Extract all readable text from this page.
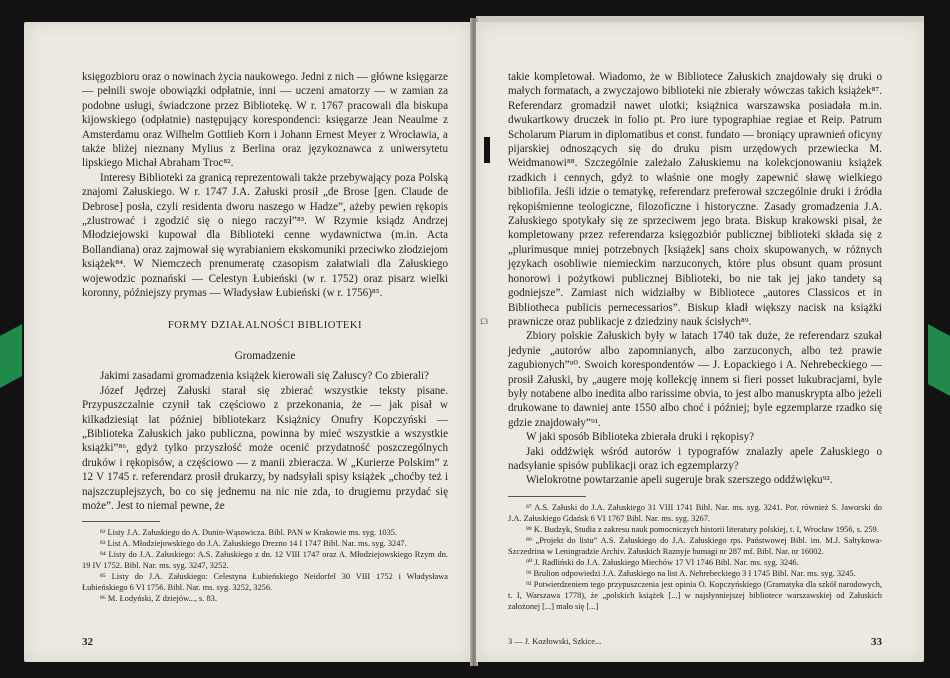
księgozbioru oraz o nowinach życia naukowego. Jedni z nich — główne księgarze — pełnili swoje obowiązki odpłatnie, inni — uczeni amatorzy — w zamian za podobne usługi, świadczone przez Bibliotekę. W r. 1767 pracowali dla biskupa kijowskiego (odpłatnie) następujący korespondenci: księgarze Jean Neaulme z Amsterdamu oraz Wilhelm Gottlieb Korn i Johann Ernest Meyer z Wrocławia, a także bliżej nieznany Mylius z Berlina oraz językoznawca z uniwersytetu lipskiego Michał Abraham Troc⁸².

Interesy Biblioteki za granicą reprezentowali także przebywający poza Polską znajomi Załuskiego. W r. 1747 J.A. Załuski prosił „de Brose [gen. Claude de Debrose] posła, czyli residenta dworu naszego w Hadze”, ażeby pewien rękopis „zlustrować i zgodzić się o niego raczył”⁸³. W Rzymie ksiądz Andrzej Młodziejowski kupował dla Biblioteki cenne wydawnictwa (m.in. Acta Bollandiana) oraz zajmował się wyrabianiem ekskomuniki przeciwko złodziejom książek⁸⁴. W Niemczech prenumeratę czasopism załatwiali dla Załuskiego wojewodzic poznański — Celestyn Łubieński (w r. 1752) oraz pisarz wielki koronny, późniejszy prymas — Władysław Łubieński (w r. 1756)⁸⁵.

FORMY DZIAŁALNOŚCI BIBLIOTEKI

Gromadzenie

Jakimi zasadami gromadzenia książek kierowali się Załuscy? Co zbierali?

Józef Jędrzej Załuski starał się zbierać wszystkie teksty pisane. Przypuszczalnie czynił tak częściowo z przekonania, że — jak pisał w kilkadziesiąt lat później bibliotekarz Książnicy Onufry Kopczyński — „Biblioteka Załuskich jako publiczna, powinna by mieć wszystkie a wszystkie książki”⁸⁶, gdyż tylko przyszłość może ocenić przydatność poszczególnych druków i rękopisów, a częściowo — z manii zbieracza. W „Kurierze Polskim” z 12 V 1745 r. referendarz prosił drukarzy, by nadsyłali spisy książek „choćby też i najszczuplejszych, bo co się jednemu na nic nie zda, to drugiemu przydać się może”. Jest to niemal pewne, że

⁸² Listy J.A. Załuskiego do A. Dunin-Wąsowicza. Bibl. PAN w Krakowie ms. syg. 1035.

⁸³ List A. Młodziejowskiego do J.A. Załuskiego Drezno 14 I 1747 Bibl. Nar. ms. syg. 3247.

⁸⁴ Listy do J.A. Załuskiego: A.S. Załuskiego z dn. 12 VIII 1747 oraz A. Młodziejowskiego Rzym dn. 19 IV 1752. Bibl. Nar. ms. syg. 3247, 3252.

⁸⁵ Listy do J.A. Załuskiego: Celestyna Łubieńskiego Neidorfel 30 VIII 1752 i Władysława Łubieńskiego 6 VI 1756. Bibl. Nar. ms. syg. 3252, 3256.

⁸⁶ M. Łodyński, Z dziejów..., s. 83.

32
£3

takie kompletował. Wiadomo, że w Bibliotece Załuskich znajdowały się druki o małych formatach, a zwyczajowo biblioteki nie zbierały wówczas takich książek⁸⁷. Referendarz gromadził nawet ulotki; książnica warszawska posiadała m.in. dwukartkowy druczek in folio pt. Pro iure typographiae regiae et Reip. Patrum Scholarum Piarum in diplomatibus et const. fundato — broniący uprawnień oficyny pijarskiej odnoszących się do druku pism urzędowych przewiecka M. Weidmanowi⁸⁸. Szczególnie zależało Załuskiemu na kolekcjonowaniu książek rzadkich i cennych, gdyż to właśnie one mogły zapewnić sławę wielkiego bibliofila. Jeśli idzie o tematykę, referendarz preferował szczególnie druki i źródła rękopiśmienne teologiczne, filozoficzne i historyczne. Zasady gromadzenia J.A. Załuskiego spotykały się ze sprzeciwem jego brata. Biskup krakowski pisał, że kompletowany przez referendarza księgozbiór publicznej biblioteki składa się z „plurimusque mniej potrzebnych [książek] sans choix skupowanych, w różnych językach osobliwie niemieckim narzuconych, które plus obsunt quam prosunt honorowi i pożytkowi publicznej Biblioteki, bo nie tak jej jako tandety są godniejsze”. Zamiast nich widziałby w Bibliotece „autores Classicos et in Bibliotheca publicis pernecessarios”. Biskup kładł większy nacisk na książki prawnicze oraz publikacje z dziedziny nauk ścisłych⁸⁹.

Zbiory polskie Załuskich były w latach 1740 tak duże, że referendarz szukał jedynie „autorów albo zapomnianych, albo zarzuconych, albo też prawie zagubionych”⁹⁰. Swoich korespondentów — J. Łopackiego i A. Nehrebeckiego — prosił Załuski, by „augere moję kollekcję innem si fieri posset lukubracjami, byle były notabene albo inedita albo rarissime obvia, to jest albo manuskrypta albo jeżeli drukowane to dawniej ante 1550 albo choć i później; byle egzemplarze rzadko się gdzie znajdowały”⁹¹.

W jaki sposób Biblioteka zbierała druki i rękopisy?

Jaki oddźwięk wśród autorów i typografów znalazły apele Załuskiego o nadsyłanie spisów publikacji oraz ich egzemplarzy?

Wielokrotne powtarzanie apeli sugeruje brak szerszego oddźwięku⁹².

⁸⁷ A.S. Załuski do J.A. Załuskiego 31 VIII 1741 Bibl. Nar. ms. syg. 3241. Por. również S. Jaworski do J.A. Załuskiego Gdańsk 6 VI 1767 Bibl. Nar. ms. syg. 3267.

⁸⁸ K. Budzyk, Studia z zakresu nauk pomocniczych historii literatury polskiej, t. I, Wrocław 1956, s. 259.

⁸⁹ „Projekt do listu” A.S. Załuskiego do J.A. Załuskiego rps. Państwowej Bibl. im. M.J. Sałtykowa-Szczedrina w Leningradzie Archiv. Załuskich Raznyje bumagi nr 287 mf. Bibl. Nar. nr 16002.

⁹⁰ J. Radliński do J.A. Załuskiego Miechów 17 VI 1746 Bibl. Nar. ms. syg. 3246.

⁹¹ Brulion odpowiedzi J.A. Załuskiego na list A. Nehrebeckiego 3 I 1745 Bibl. Nar. ms. syg. 3245.

⁹² Potwierdzeniem tego przypuszczenia jest opinia O. Kopczyńskiego (Gramatyka dla szkół narodowych, t. I, Warszawa 1778), że „polskich książek [...] w najsłynniejszej bibliotece warszawskiej od Załuskich założonej [...] mało się [...]

3 — J. Kozłowski, Szkice...	33
